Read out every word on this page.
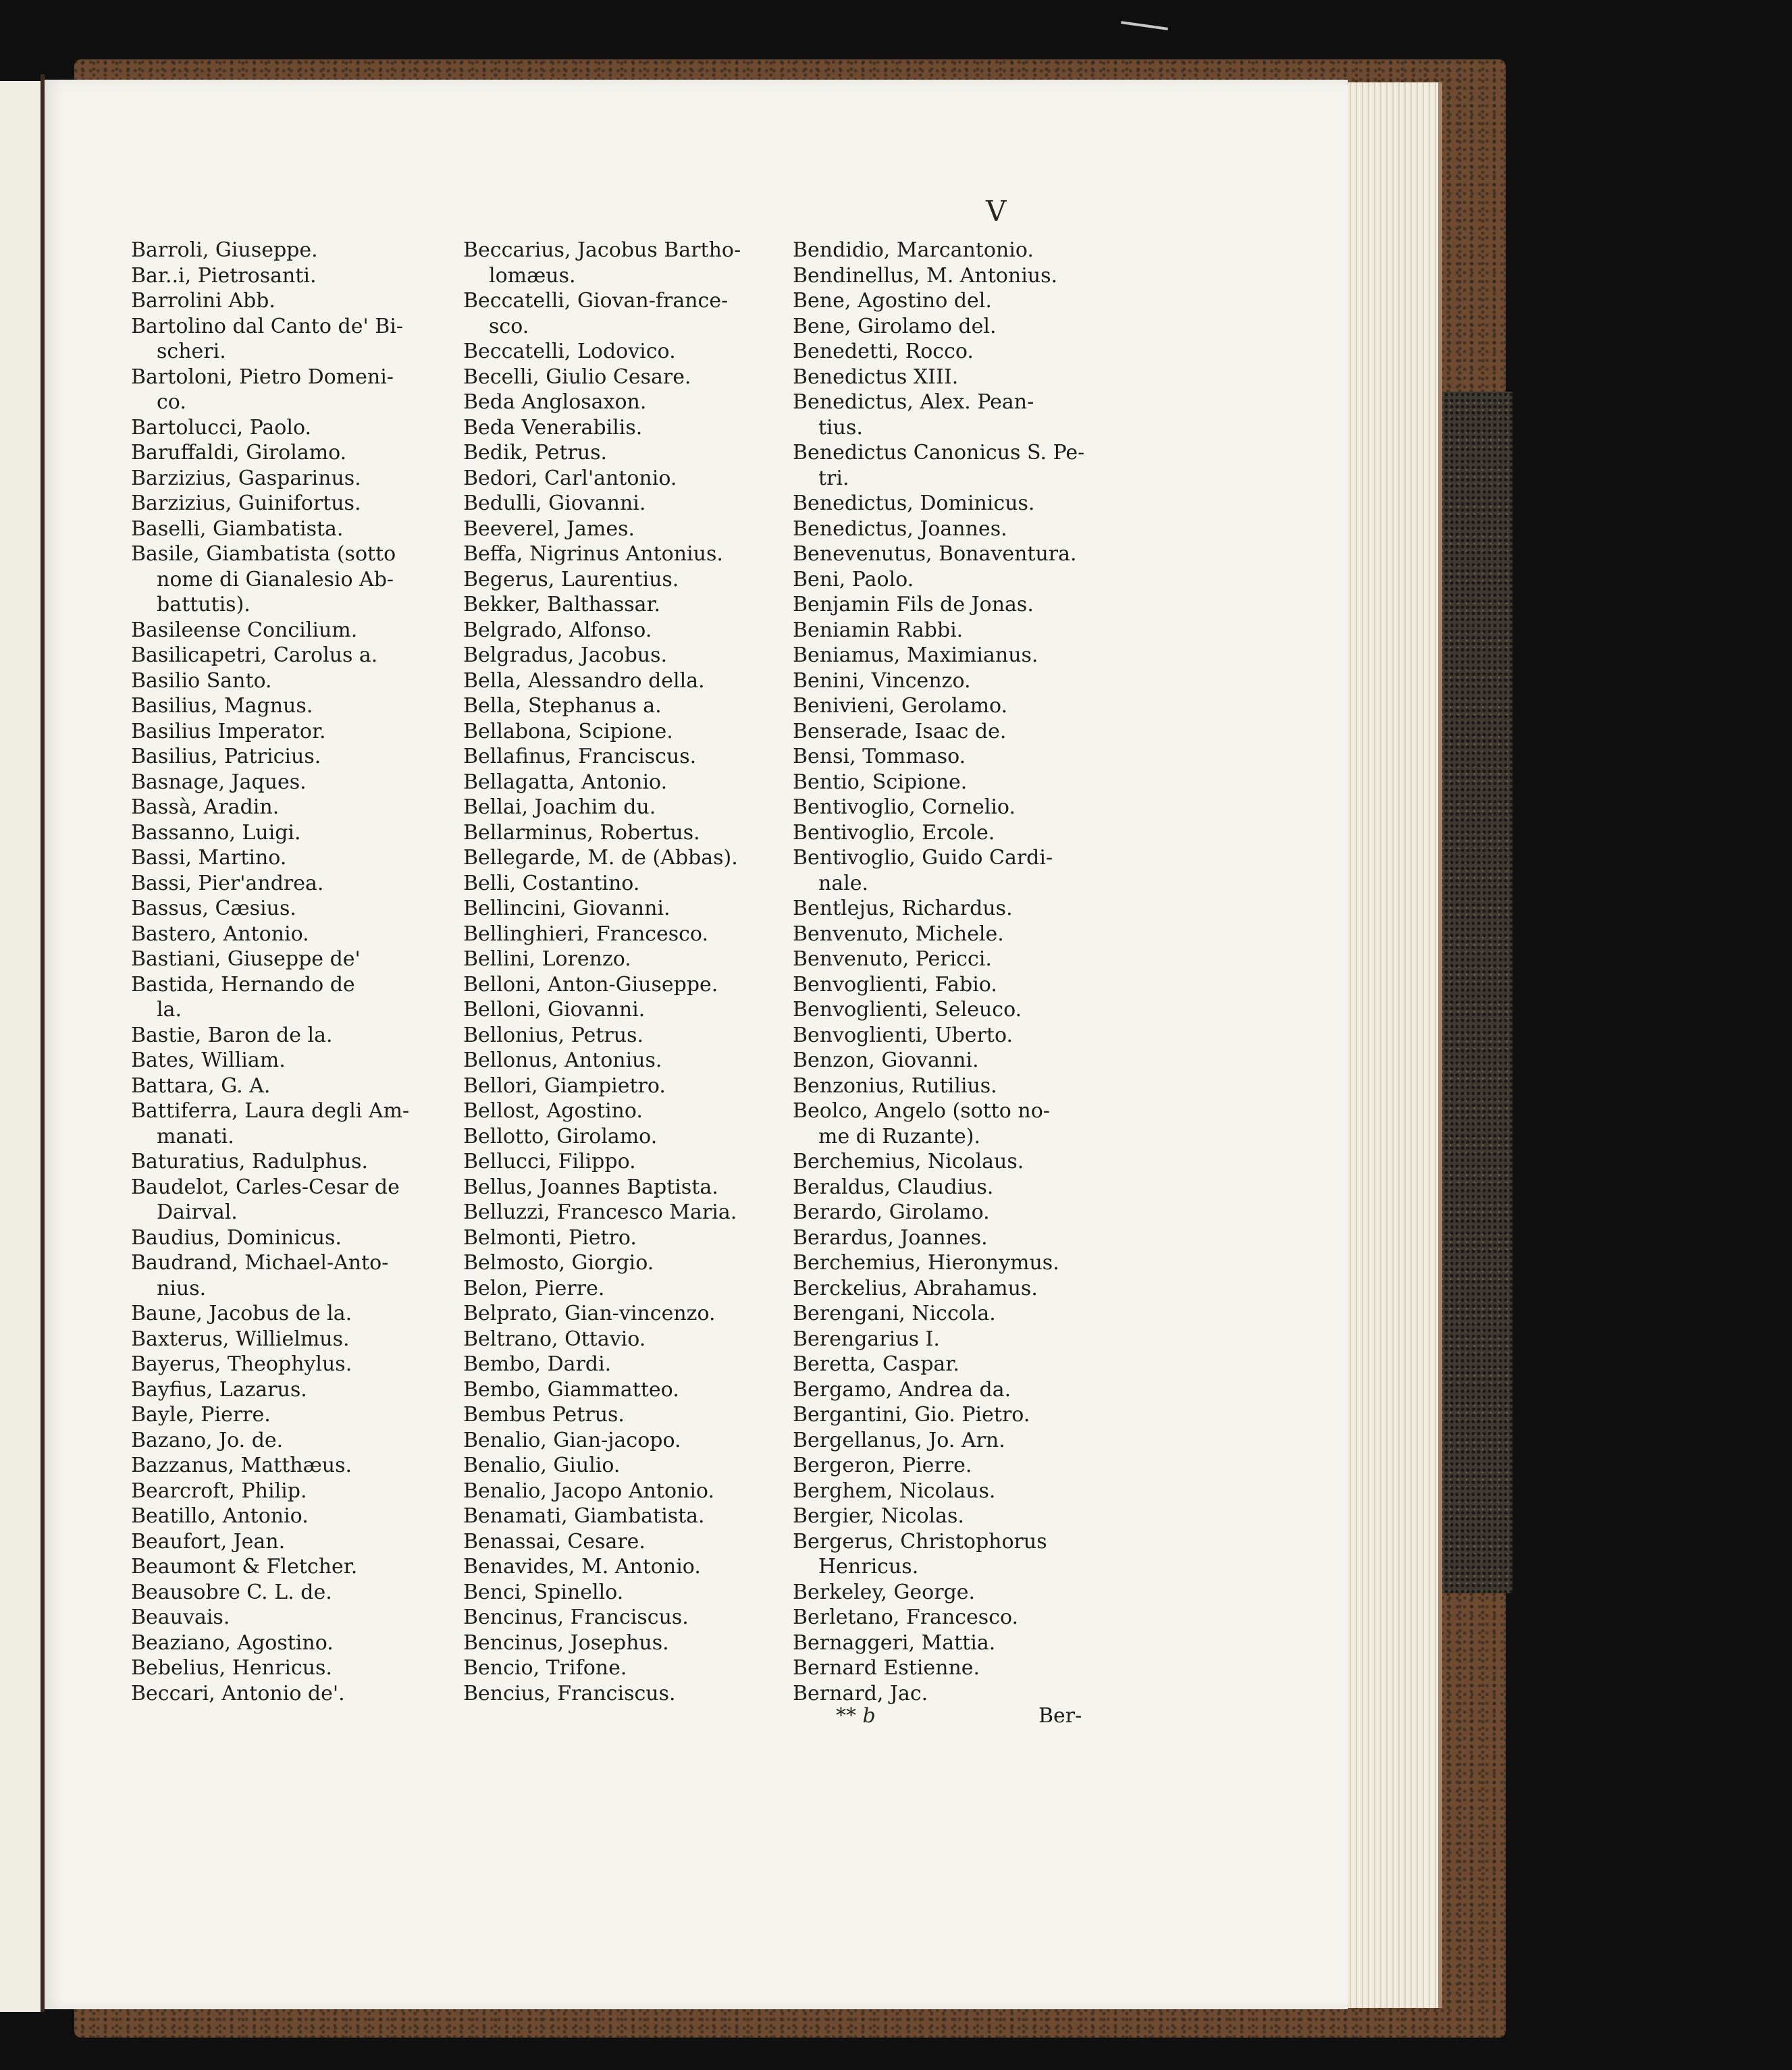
V
Barroli, Giuseppe.
Bar..i, Pietrosanti.
Barrolini Abb.
Bartolino dal Canto de' Bi-
scheri.
Bartoloni, Pietro Domeni-
co.
Bartolucci, Paolo.
Baruffaldi, Girolamo.
Barzizius, Gasparinus.
Barzizius, Guinifortus.
Baselli, Giambatista.
Basile, Giambatista (sotto
nome di Gianalesio Ab-
battutis).
Basileense Concilium.
Basilicapetri, Carolus a.
Basilio Santo.
Basilius, Magnus.
Basilius Imperator.
Basilius, Patricius.
Basnage, Jaques.
Bassà, Aradin.
Bassanno, Luigi.
Bassi, Martino.
Bassi, Pier'andrea.
Bassus, Cæsius.
Bastero, Antonio.
Bastiani, Giuseppe de'
Bastida, Hernando de
la.
Bastie, Baron de la.
Bates, William.
Battara, G. A.
Battiferra, Laura degli Am-
manati.
Baturatius, Radulphus.
Baudelot, Carles-Cesar de
Dairval.
Baudius, Dominicus.
Baudrand, Michael-Anto-
nius.
Baune, Jacobus de la.
Baxterus, Willielmus.
Bayerus, Theophylus.
Bayfius, Lazarus.
Bayle, Pierre.
Bazano, Jo. de.
Bazzanus, Matthæus.
Bearcroft, Philip.
Beatillo, Antonio.
Beaufort, Jean.
Beaumont & Fletcher.
Beausobre C. L. de.
Beauvais.
Beaziano, Agostino.
Bebelius, Henricus.
Beccari, Antonio de'.
Beccarius, Jacobus Bartho-
lomæus.
Beccatelli, Giovan-france-
sco.
Beccatelli, Lodovico.
Becelli, Giulio Cesare.
Beda Anglosaxon.
Beda Venerabilis.
Bedik, Petrus.
Bedori, Carl'antonio.
Bedulli, Giovanni.
Beeverel, James.
Beffa, Nigrinus Antonius.
Begerus, Laurentius.
Bekker, Balthassar.
Belgrado, Alfonso.
Belgradus, Jacobus.
Bella, Alessandro della.
Bella, Stephanus a.
Bellabona, Scipione.
Bellafinus, Franciscus.
Bellagatta, Antonio.
Bellai, Joachim du.
Bellarminus, Robertus.
Bellegarde, M. de (Abbas).
Belli, Costantino.
Bellincini, Giovanni.
Bellinghieri, Francesco.
Bellini, Lorenzo.
Belloni, Anton-Giuseppe.
Belloni, Giovanni.
Bellonius, Petrus.
Bellonus, Antonius.
Bellori, Giampietro.
Bellost, Agostino.
Bellotto, Girolamo.
Bellucci, Filippo.
Bellus, Joannes Baptista.
Belluzzi, Francesco Maria.
Belmonti, Pietro.
Belmosto, Giorgio.
Belon, Pierre.
Belprato, Gian-vincenzo.
Beltrano, Ottavio.
Bembo, Dardi.
Bembo, Giammatteo.
Bembus Petrus.
Benalio, Gian-jacopo.
Benalio, Giulio.
Benalio, Jacopo Antonio.
Benamati, Giambatista.
Benassai, Cesare.
Benavides, M. Antonio.
Benci, Spinello.
Bencinus, Franciscus.
Bencinus, Josephus.
Bencio, Trifone.
Bencius, Franciscus.
Bendidio, Marcantonio.
Bendinellus, M. Antonius.
Bene, Agostino del.
Bene, Girolamo del.
Benedetti, Rocco.
Benedictus XIII.
Benedictus, Alex. Pean-
tius.
Benedictus Canonicus S. Pe-
tri.
Benedictus, Dominicus.
Benedictus, Joannes.
Benevenutus, Bonaventura.
Beni, Paolo.
Benjamin Fils de Jonas.
Beniamin Rabbi.
Beniamus, Maximianus.
Benini, Vincenzo.
Benivieni, Gerolamo.
Benserade, Isaac de.
Bensi, Tommaso.
Bentio, Scipione.
Bentivoglio, Cornelio.
Bentivoglio, Ercole.
Bentivoglio, Guido Cardi-
nale.
Bentlejus, Richardus.
Benvenuto, Michele.
Benvenuto, Pericci.
Benvoglienti, Fabio.
Benvoglienti, Seleuco.
Benvoglienti, Uberto.
Benzon, Giovanni.
Benzonius, Rutilius.
Beolco, Angelo (sotto no-
me di Ruzante).
Berchemius, Nicolaus.
Beraldus, Claudius.
Berardo, Girolamo.
Berardus, Joannes.
Berchemius, Hieronymus.
Berckelius, Abrahamus.
Berengani, Niccola.
Berengarius I.
Beretta, Caspar.
Bergamo, Andrea da.
Bergantini, Gio. Pietro.
Bergellanus, Jo. Arn.
Bergeron, Pierre.
Berghem, Nicolaus.
Bergier, Nicolas.
Bergerus, Christophorus
Henricus.
Berkeley, George.
Berletano, Francesco.
Bernaggeri, Mattia.
Bernard Estienne.
Bernard, Jac.
** b	Ber-
